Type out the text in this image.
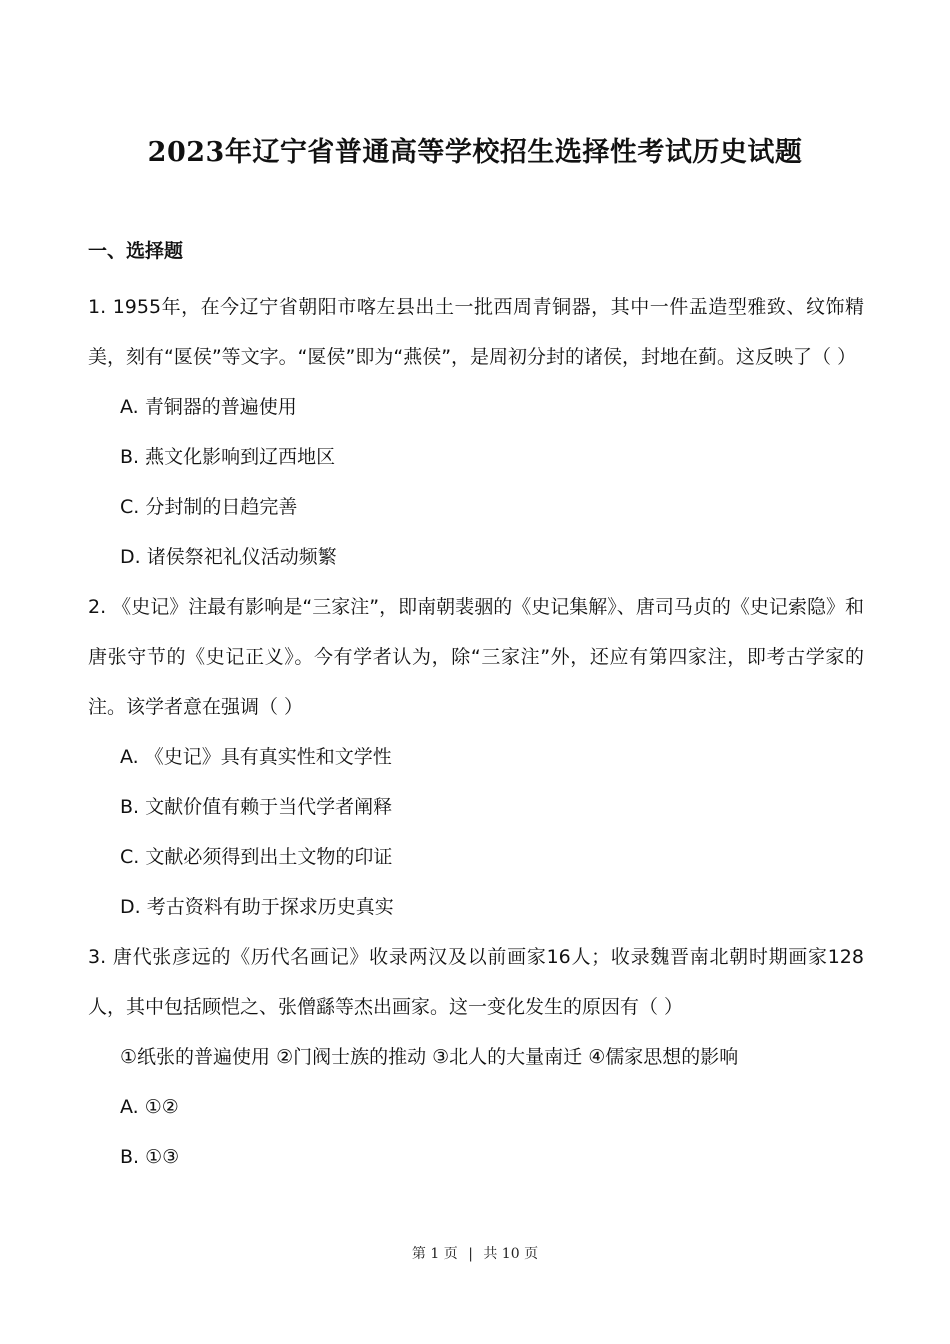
2023年辽宁省普通高等学校招生选择性考试历史试题
一、选择题

1. 1955年，在今辽宁省朝阳市喀左县出土一批西周青铜器，其中一件盂造型雅致、纹饰精美，刻有“匽侯”等文字。“匽侯”即为“燕侯”，是周初分封的诸侯，封地在蓟。这反映了（ ）

A. 青铜器的普遍使用

B. 燕文化影响到辽西地区

C. 分封制的日趋完善

D. 诸侯祭祀礼仪活动频繁

2. 《史记》注最有影响是“三家注”，即南朝裴骃的《史记集解》、唐司马贞的《史记索隐》和唐张守节的《史记正义》。今有学者认为，除“三家注”外，还应有第四家注，即考古学家的注。该学者意在强调（ ）

A. 《史记》具有真实性和文学性

B. 文献价值有赖于当代学者阐释

C. 文献必须得到出土文物的印证

D. 考古资料有助于探求历史真实

3. 唐代张彦远的《历代名画记》收录两汉及以前画家16人；收录魏晋南北朝时期画家128人，其中包括顾恺之、张僧繇等杰出画家。这一变化发生的原因有（ ）

①纸张的普遍使用 ②门阀士族的推动 ③北人的大量南迁 ④儒家思想的影响

A. ①②

B. ①③

第 1 页 | 共 10 页
